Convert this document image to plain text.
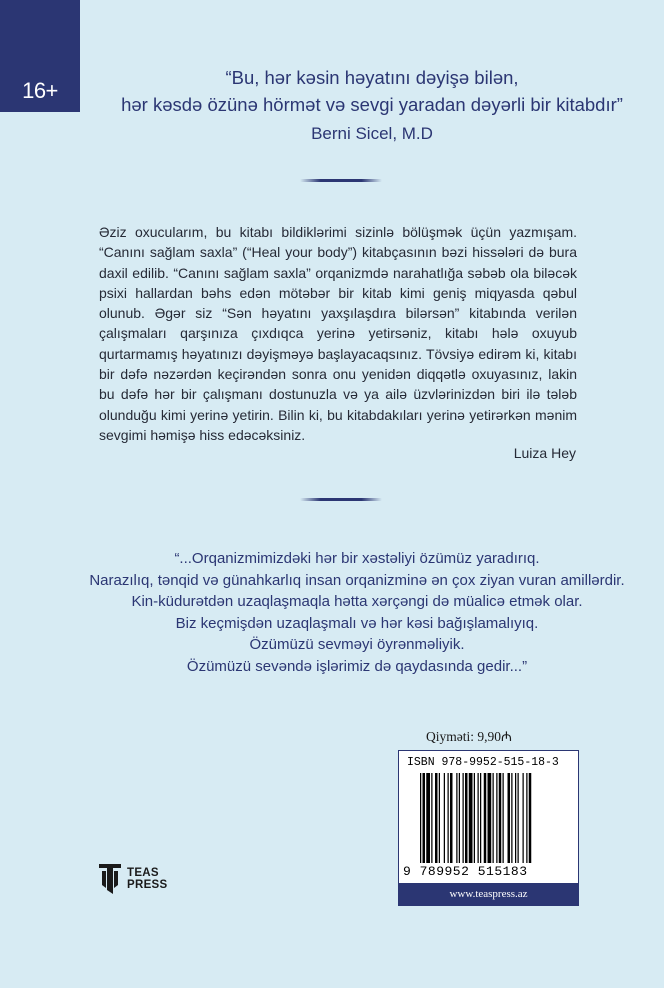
16+
“Bu, hər kəsin həyatını dəyişə bilən,
hər kəsdə özünə hörmət və sevgi yaradan dəyərli bir kitabdır”
Berni Sicel, M.D

Əziz oxucularım, bu kitabı bildiklərimi sizinlə bölüşmək üçün yazmışam. “Canını sağlam saxla” (“Heal your body”) kitabçasının bəzi hissələri də bura daxil edilib. “Canını sağlam saxla” orqanizmdə narahatlığa səbəb ola biləcək psixi hallardan bəhs edən mötəbər bir kitab kimi geniş miqyasda qəbul olunub. Əgər siz “Sən həyatını yaxşılaşdıra bilərsən” kitabında verilən çalışmaları qarşınıza çıxdıqca yerinə yetirsəniz, kitabı hələ oxuyub qurtarmamış həyatınızı dəyişməyə başlayacaqsınız. Tövsiyə edirəm ki, kitabı bir dəfə nəzərdən keçirəndən sonra onu yenidən diqqətlə oxuyasınız, lakin bu dəfə hər bir çalışmanı dostunuzla və ya ailə üzvlərinizdən biri ilə tələb olunduğu kimi yerinə yetirin. Bilin ki, bu kitabdakıları yerinə yetirərkən mənim sevgimi həmişə hiss edəcəksiniz.

Luiza Hey
“...Orqanizmimizdəki hər bir xəstəliyi özümüz yaradırıq.
Narazılıq, tənqid və günahkarlıq insan orqanizminə ən çox ziyan vuran amillərdir.
Kin-küdurətdən uzaqlaşmaqla hətta xərçəngi də müalicə etmək olar.
Biz keçmişdən uzaqlaşmalı və hər kəsi bağışlamalıyıq.
Özümüzü sevməyi öyrənməliyik.
Özümüzü sevəndə işlərimiz də qaydasında gedir...”
Qiymәti: 9,90₼
ISBN 978-9952-515-18-3
9 789952 515183
www.teaspress.az
TEAS
PRESS
